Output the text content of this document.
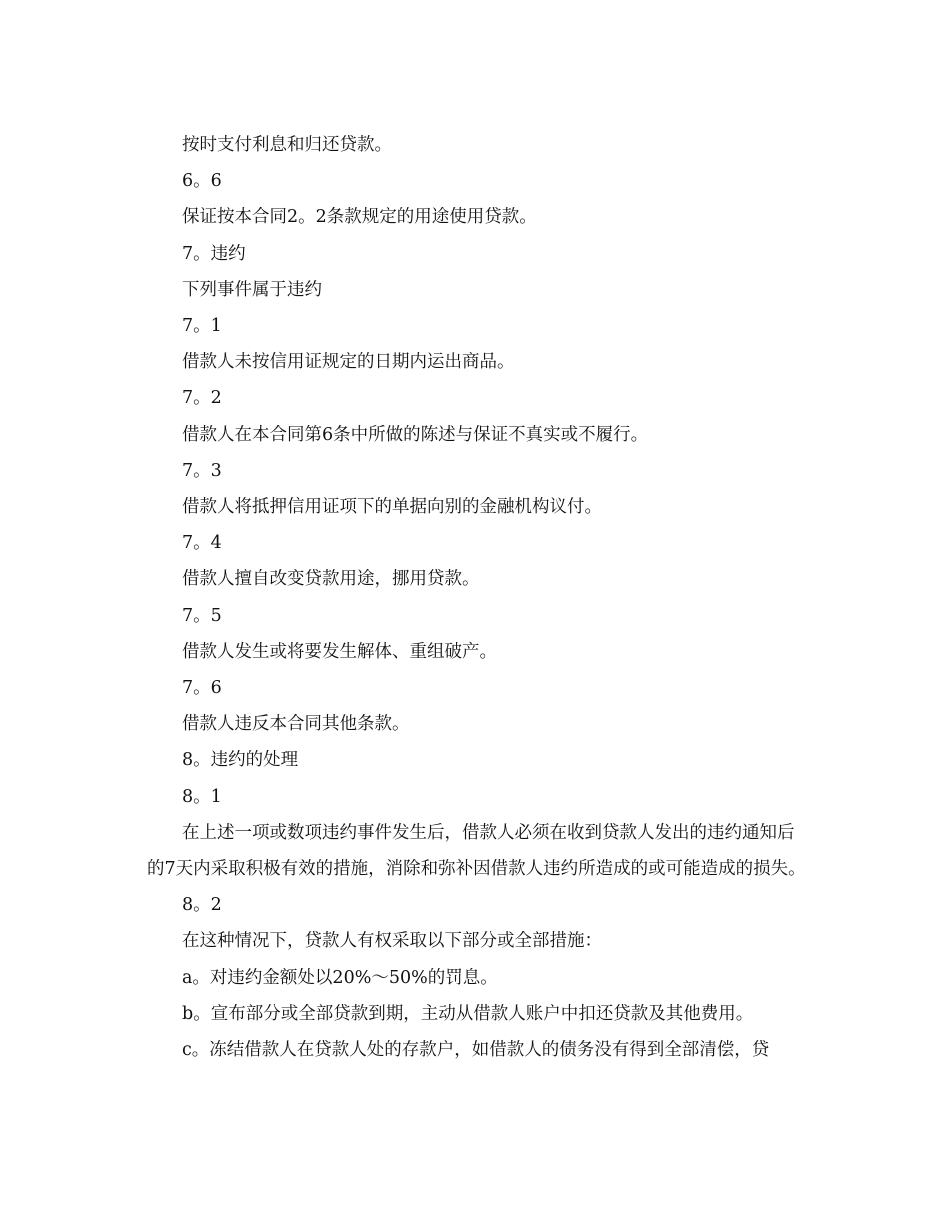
按时支付利息和归还贷款。

6。6

保证按本合同2。2条款规定的用途使用贷款。

7。违约

下列事件属于违约

7。1

借款人未按信用证规定的日期内运出商品。

7。2

借款人在本合同第6条中所做的陈述与保证不真实或不履行。

7。3

借款人将抵押信用证项下的单据向别的金融机构议付。

7。4

借款人擅自改变贷款用途，挪用贷款。

7。5

借款人发生或将要发生解体、重组破产。

7。6

借款人违反本合同其他条款。

8。违约的处理

8。1

在上述一项或数项违约事件发生后，借款人必须在收到贷款人发出的违约通知后的7天内采取积极有效的措施，消除和弥补因借款人违约所造成的或可能造成的损失。

8。2

在这种情况下，贷款人有权采取以下部分或全部措施：

a。对违约金额处以20%～50%的罚息。

b。宣布部分或全部贷款到期，主动从借款人账户中扣还贷款及其他费用。

c。冻结借款人在贷款人处的存款户，如借款人的债务没有得到全部清偿，贷
